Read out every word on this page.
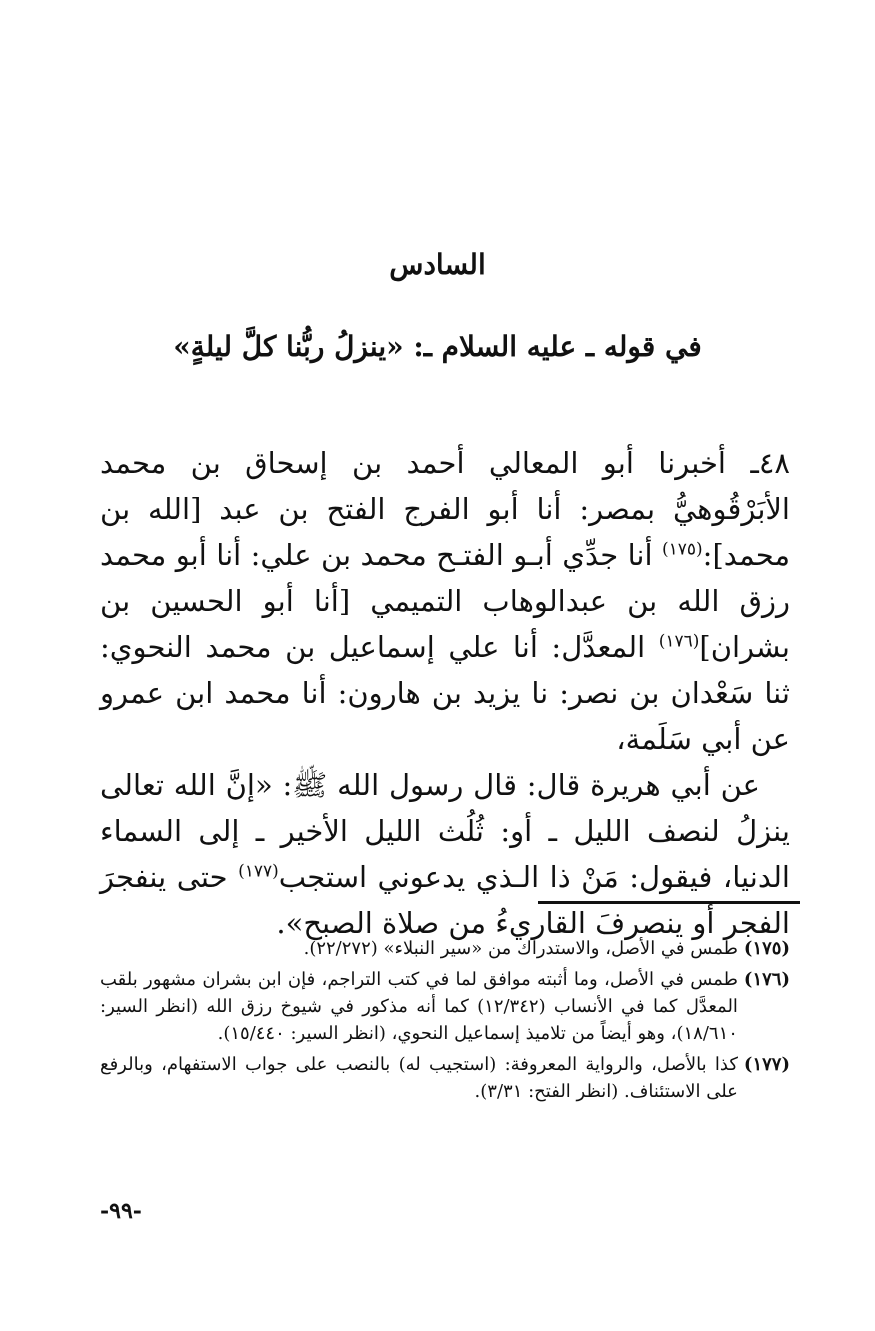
السادس
في قوله ـ عليه السلام ـ: «ينزلُ ربُّنا كلَّ ليلةٍ»

٤٨ـ أخبرنا أبو المعالي أحمد بن إسحاق بن محمد الأبَرْقُوهيُّ بمصر: أنا أبو الفرج الفتح بن عبد [الله بن محمد]:$^{(١٧٥)}$ أنا جدِّي أبـو الفتـح محمد بن علي: أنا أبو محمد رزق الله بن عبدالوهاب التميمي [أنا أبو الحسين بن بشران]$^{(١٧٦)}$ المعدَّل: أنا علي إسماعيل بن محمد النحوي: ثنا سَعْدان بن نصر: نا يزيد بن هارون: أنا محمد ابن عمرو عن أبي سَلَمة،

عن أبي هريرة قال: قال رسول الله ﷺ: «إنَّ الله تعالى ينزلُ لنصف الليل ـ أو: ثُلُث الليل الأخير ـ إلى السماء الدنيا، فيقول: مَنْ ذا الـذي يدعوني استجب$^{(١٧٧)}$ حتى ينفجرَ الفجر أو ينصرفَ القاريءُ من صلاة الصبح».

(١٧٥)
طمس في الأصل، والاستدراك من «سير النبلاء» (٢٢/٢٧٢).
(١٧٦)
طمس في الأصل، وما أثبته موافق لما في كتب التراجم، فإن ابن بشران مشهور بلقب المعدَّل كما في الأنساب (١٢/٣٤٢) كما أنه مذكور في شيوخ رزق الله (انظر السير: ١٨/٦١٠)، وهو أيضاً من تلاميذ إسماعيل النحوي، (انظر السير: ١٥/٤٤٠).
(١٧٧)
كذا بالأصل، والرواية المعروفة: (استجيب له) بالنصب على جواب الاستفهام، وبالرفع على الاستئناف. (انظر الفتح: ٣/٣١).
-٩٩-
